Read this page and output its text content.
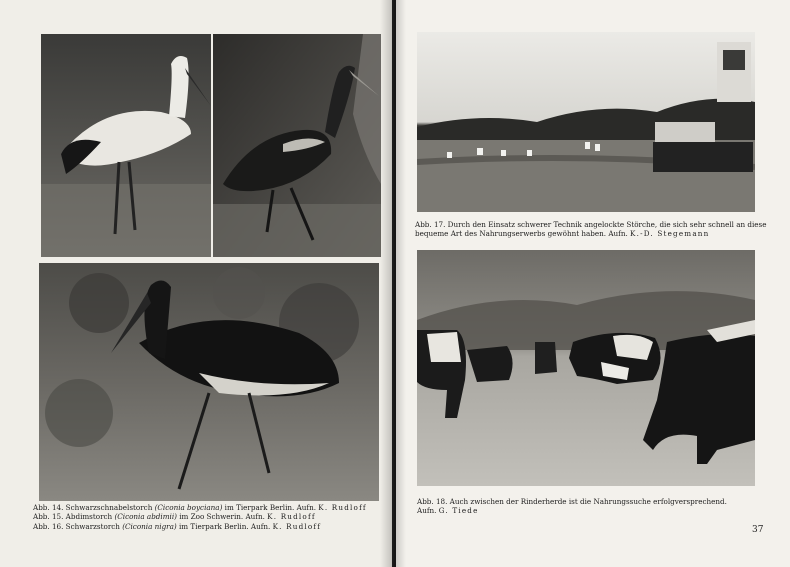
Abb. 14. Schwarzschnabelstorch (Ciconia boyciana) im Tierpark Berlin. Aufn. K. Rudloff
Abb. 15. Abdimstorch (Ciconia abdimii) im Zoo Schwerin. Aufn. K. Rudloff
Abb. 16. Schwarzstorch (Ciconia nigra) im Tierpark Berlin. Aufn. K. Rudloff
Abb. 17. Durch den Einsatz schwerer Technik angelockte Störche, die sich sehr schnell an diese
bequeme Art des Nahrungserwerbs gewöhnt haben. Aufn. K.-D. Stegemann
Abb. 18. Auch zwischen der Rinderherde ist die Nahrungssuche erfolgversprechend.
Aufn. G. Tiede
37
